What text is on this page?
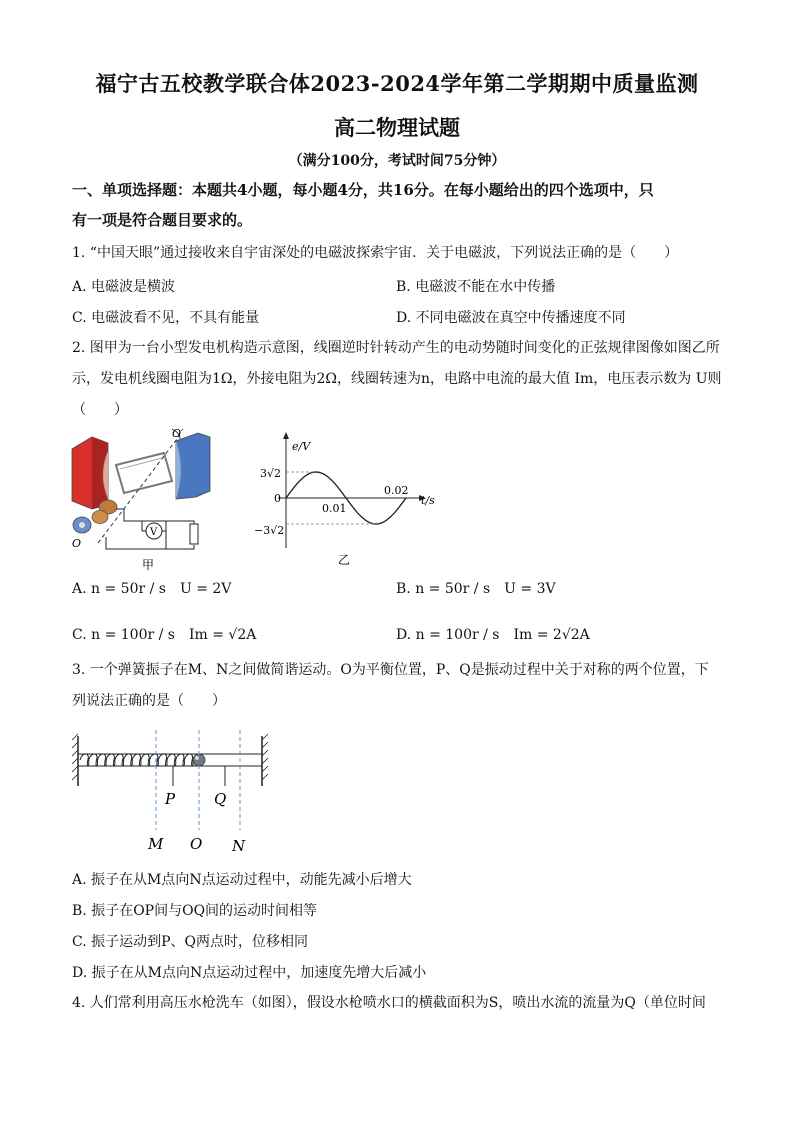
福宁古五校教学联合体2023-2024学年第二学期期中质量监测
高二物理试题
（满分100分，考试时间75分钟）
一、单项选择题：本题共4小题，每小题4分，共16分。在每小题给出的四个选项中，只
有一项是符合题目要求的。
1. “中国天眼”通过接收来自宇宙深处的电磁波探索宇宙．关于电磁波，下列说法正确的是（　　）
A. 电磁波是横波	B. 电磁波不能在水中传播
C. 电磁波看不见，不具有能量	D. 不同电磁波在真空中传播速度不同
2. 图甲为一台小型发电机构造示意图，线圈逆时针转动产生的电动势随时间变化的正弦规律图像如图乙所
示，发电机线圈电阻为1Ω，外接电阻为2Ω，线圈转速为n，电路中电流的最大值 Im，电压表示数为 U则
（　　）
O′
O
V
甲
e/V
t/s
3√2
−3√2
0
0.01
0.02
乙
A. n = 50r / s　U = 2V	B. n = 50r / s　U = 3V
C. n = 100r / s　Im = √2A	D. n = 100r / s　Im = 2√2A
3. 一个弹簧振子在M、N之间做简谐运动。O为平衡位置，P、Q是振动过程中关于对称的两个位置，下
列说法正确的是（　　）
P	Q
M O N
A. 振子在从M点向N点运动过程中，动能先减小后增大
B. 振子在OP间与OQ间的运动时间相等
C. 振子运动到P、Q两点时，位移相同
D. 振子在从M点向N点运动过程中，加速度先增大后减小
4. 人们常利用高压水枪洗车（如图），假设水枪喷水口的横截面积为S，喷出水流的流量为Q（单位时间
